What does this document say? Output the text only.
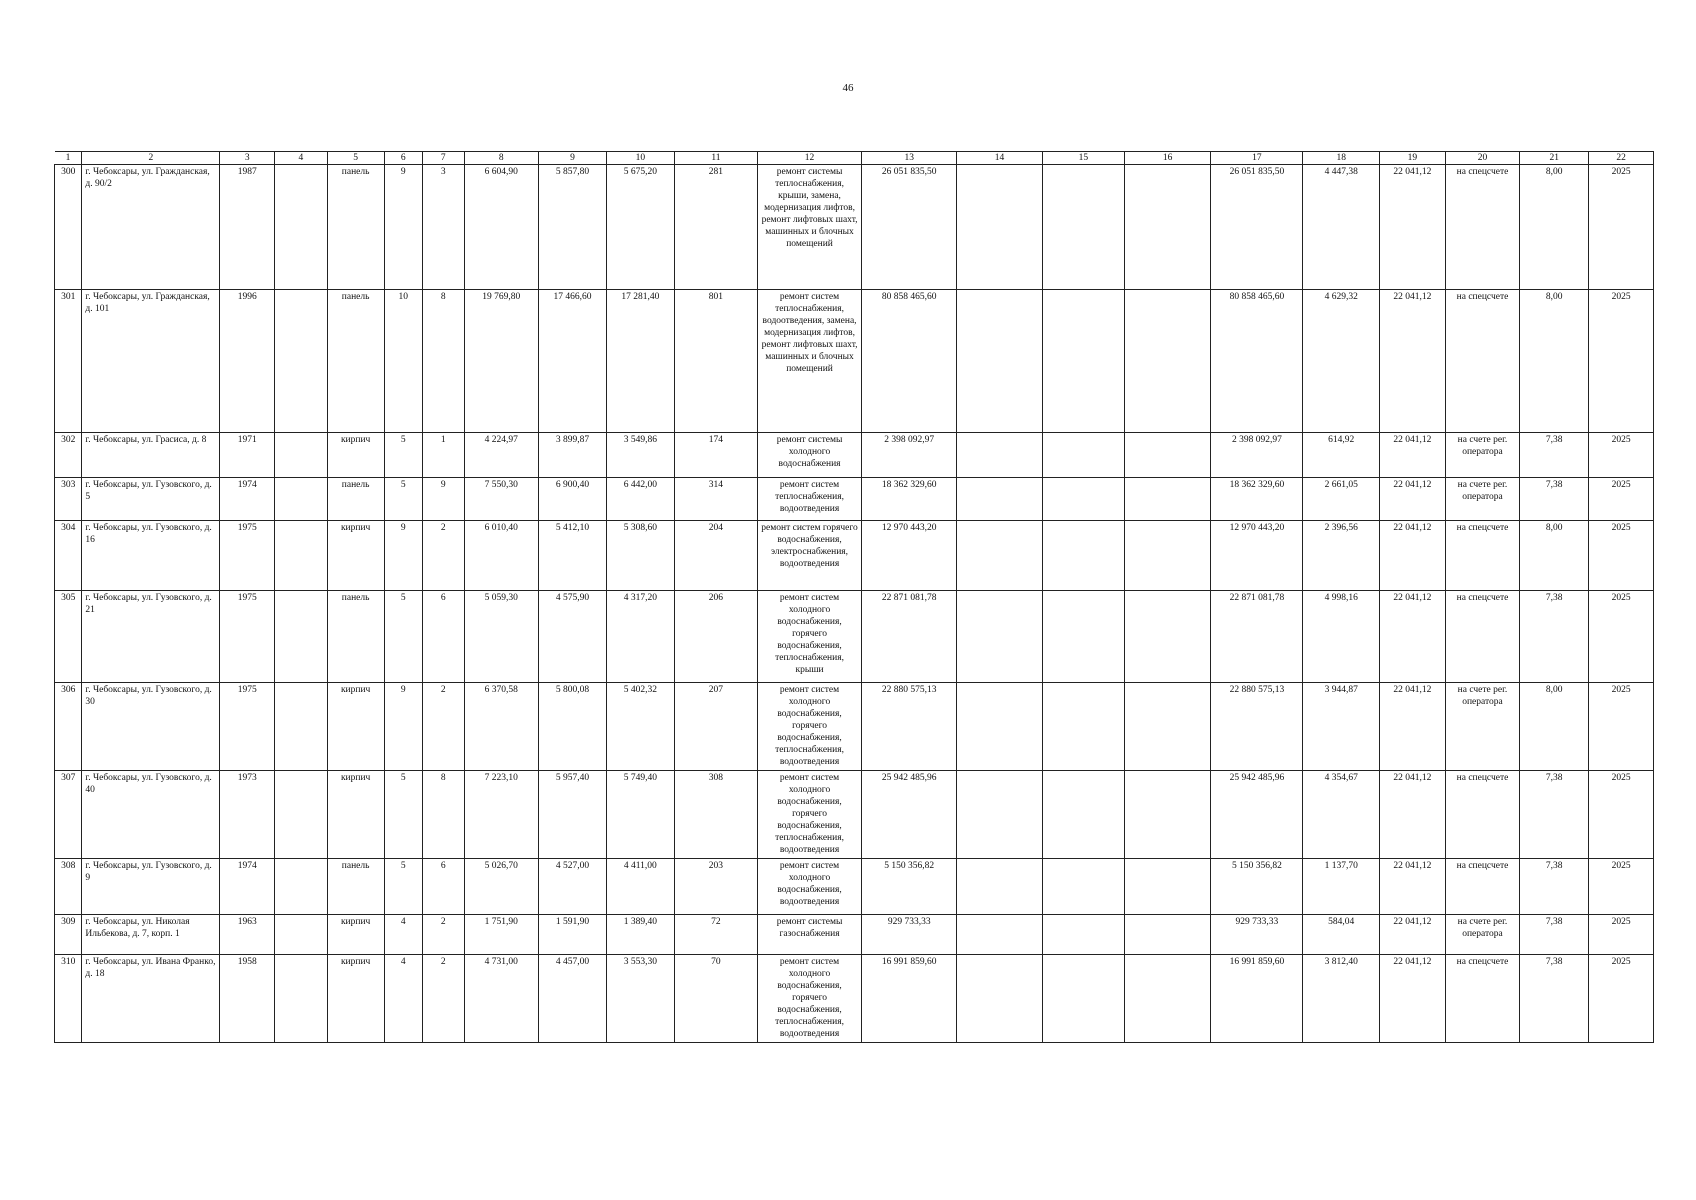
46
1	2	3	4	5	6	7	8	9	10	11	12	13	14	15	16	17	18	19	20	21	22
300	г. Чебоксары, ул. Гражданская, д. 90/2	1987		панель	9	3	6 604,90	5 857,80	5 675,20	281	ремонт системы теплоснабжения, крыши, замена, модернизация лифтов, ремонт лифтовых шахт, машинных и блочных помещений	26 051 835,50				26 051 835,50	4 447,38	22 041,12	на спецсчете	8,00	2025
301	г. Чебоксары, ул. Гражданская, д. 101	1996		панель	10	8	19 769,80	17 466,60	17 281,40	801	ремонт систем теплоснабжения, водоотведения, замена, модернизация лифтов, ремонт лифтовых шахт, машинных и блочных помещений	80 858 465,60				80 858 465,60	4 629,32	22 041,12	на спецсчете	8,00	2025
302	г. Чебоксары, ул. Грасиса, д. 8	1971		кирпич	5	1	4 224,97	3 899,87	3 549,86	174	ремонт системы холодного водоснабжения	2 398 092,97				2 398 092,97	614,92	22 041,12	на счете рег. оператора	7,38	2025
303	г. Чебоксары, ул. Гузовского, д. 5	1974		панель	5	9	7 550,30	6 900,40	6 442,00	314	ремонт систем теплоснабжения, водоотведения	18 362 329,60				18 362 329,60	2 661,05	22 041,12	на счете рег. оператора	7,38	2025
304	г. Чебоксары, ул. Гузовского, д. 16	1975		кирпич	9	2	6 010,40	5 412,10	5 308,60	204	ремонт систем горячего водоснабжения, электроснабжения, водоотведения	12 970 443,20				12 970 443,20	2 396,56	22 041,12	на спецсчете	8,00	2025
305	г. Чебоксары, ул. Гузовского, д. 21	1975		панель	5	6	5 059,30	4 575,90	4 317,20	206	ремонт систем холодного водоснабжения, горячего водоснабжения, теплоснабжения, крыши	22 871 081,78				22 871 081,78	4 998,16	22 041,12	на спецсчете	7,38	2025
306	г. Чебоксары, ул. Гузовского, д. 30	1975		кирпич	9	2	6 370,58	5 800,08	5 402,32	207	ремонт систем холодного водоснабжения, горячего водоснабжения, теплоснабжения, водоотведения	22 880 575,13				22 880 575,13	3 944,87	22 041,12	на счете рег. оператора	8,00	2025
307	г. Чебоксары, ул. Гузовского, д. 40	1973		кирпич	5	8	7 223,10	5 957,40	5 749,40	308	ремонт систем холодного водоснабжения, горячего водоснабжения, теплоснабжения, водоотведения	25 942 485,96				25 942 485,96	4 354,67	22 041,12	на спецсчете	7,38	2025
308	г. Чебоксары, ул. Гузовского, д. 9	1974		панель	5	6	5 026,70	4 527,00	4 411,00	203	ремонт систем холодного водоснабжения, водоотведения	5 150 356,82				5 150 356,82	1 137,70	22 041,12	на спецсчете	7,38	2025
309	г. Чебоксары, ул. Николая Ильбекова, д. 7, корп. 1	1963		кирпич	4	2	1 751,90	1 591,90	1 389,40	72	ремонт системы газоснабжения	929 733,33				929 733,33	584,04	22 041,12	на счете рег. оператора	7,38	2025
310	г. Чебоксары, ул. Ивана Франко, д. 18	1958		кирпич	4	2	4 731,00	4 457,00	3 553,30	70	ремонт систем холодного водоснабжения, горячего водоснабжения, теплоснабжения, водоотведения	16 991 859,60				16 991 859,60	3 812,40	22 041,12	на спецсчете	7,38	2025
